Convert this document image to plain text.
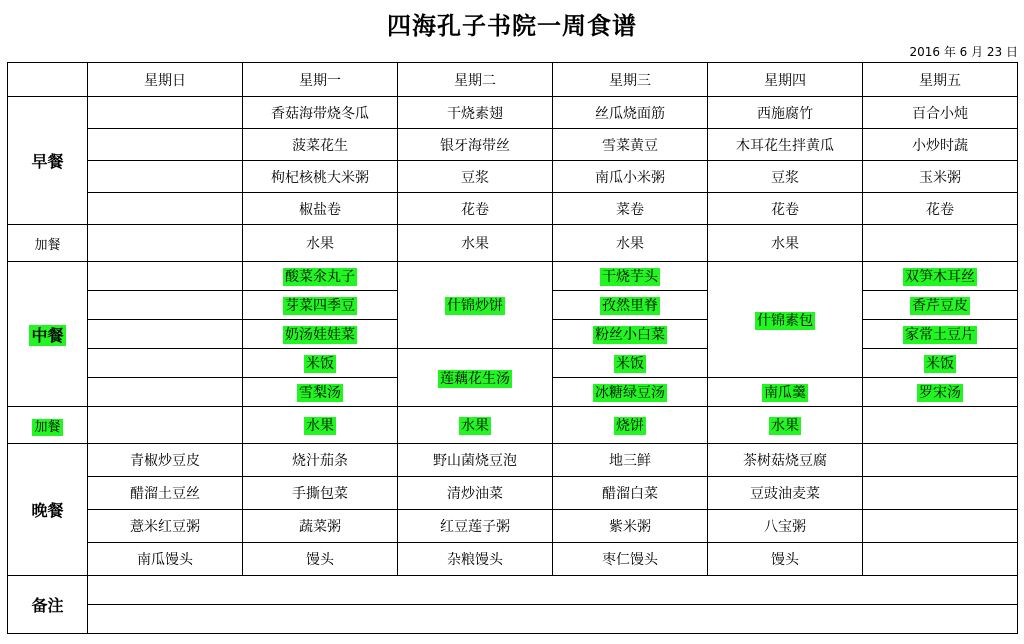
四海孔子书院一周食谱
2016 年 6 月 23 日
	星期日	星期一	星期二	星期三	星期四	星期五
早餐		香菇海带烧冬瓜	干烧素翅	丝瓜烧面筋	西施腐竹	百合小炖
		菠菜花生	银牙海带丝	雪菜黄豆	木耳花生拌黄瓜	小炒时蔬
		枸杞核桃大米粥	豆浆	南瓜小米粥	豆浆	玉米粥
		椒盐卷	花卷	菜卷	花卷	花卷
加餐		水果	水果	水果	水果	
中餐		酸菜氽丸子	什锦炒饼	干烧芋头	什锦素包	双笋木耳丝
		芽菜四季豆		孜然里脊		香芹豆皮
		奶汤娃娃菜		粉丝小白菜		家常土豆片
		米饭	莲藕花生汤	米饭		米饭
		雪梨汤		冰糖绿豆汤	南瓜羹	罗宋汤
加餐		水果	水果	烧饼	水果	
晚餐	青椒炒豆皮	烧汁茄条	野山菌烧豆泡	地三鲜	茶树菇烧豆腐	
	醋溜土豆丝	手撕包菜	清炒油菜	醋溜白菜	豆豉油麦菜	
	薏米红豆粥	蔬菜粥	红豆莲子粥	紫米粥	八宝粥	
	南瓜馒头	馒头	杂粮馒头	枣仁馒头	馒头	
备注						
